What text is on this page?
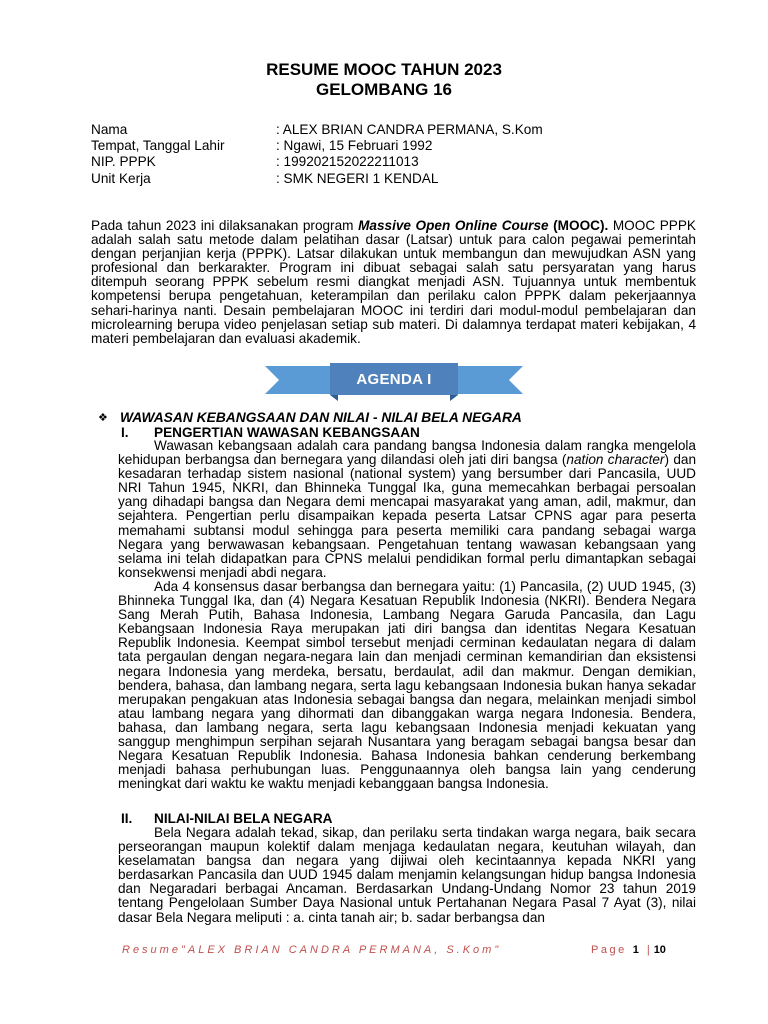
RESUME MOOC TAHUN 2023
GELOMBANG 16
Nama	: ALEX BRIAN CANDRA PERMANA, S.Kom
Tempat, Tanggal Lahir	: Ngawi, 15 Februari 1992
NIP. PPPK	: 199202152022211013
Unit Kerja	: SMK NEGERI 1 KENDAL

Pada tahun 2023 ini dilaksanakan program Massive Open Online Course (MOOC). MOOC PPPK adalah salah satu metode dalam pelatihan dasar (Latsar) untuk para calon pegawai pemerintah dengan perjanjian kerja (PPPK). Latsar dilakukan untuk membangun dan mewujudkan ASN yang profesional dan berkarakter. Program ini dibuat sebagai salah satu persyaratan yang harus ditempuh seorang PPPK sebelum resmi diangkat menjadi ASN. Tujuannya untuk membentuk kompetensi berupa pengetahuan, keterampilan dan perilaku calon PPPK dalam pekerjaannya sehari-harinya nanti. Desain pembelajaran MOOC ini terdiri dari modul-modul pembelajaran dan microlearning berupa video penjelasan setiap sub materi. Di dalamnya terdapat materi kebijakan, 4 materi pembelajaran dan evaluasi akademik.

AGENDA I
❖ WAWASAN KEBANGSAAN DAN NILAI - NILAI BELA NEGARA
I.	PENGERTIAN WAWASAN KEBANGSAAN

Wawasan kebangsaan adalah cara pandang bangsa Indonesia dalam rangka mengelola kehidupan berbangsa dan bernegara yang dilandasi oleh jati diri bangsa (nation character) dan kesadaran terhadap sistem nasional (national system) yang bersumber dari Pancasila, UUD NRI Tahun 1945, NKRI, dan Bhinneka Tunggal Ika, guna memecahkan berbagai persoalan yang dihadapi bangsa dan Negara demi mencapai masyarakat yang aman, adil, makmur, dan sejahtera. Pengertian perlu disampaikan kepada peserta Latsar CPNS agar para peserta memahami subtansi modul sehingga para peserta memiliki cara pandang sebagai warga Negara yang berwawasan kebangsaan. Pengetahuan tentang wawasan kebangsaan yang selama ini telah didapatkan para CPNS melalui pendidikan formal perlu dimantapkan sebagai konsekwensi menjadi abdi negara.

Ada 4 konsensus dasar berbangsa dan bernegara yaitu: (1) Pancasila, (2) UUD 1945, (3) Bhinneka Tunggal Ika, dan (4) Negara Kesatuan Republik Indonesia (NKRI). Bendera Negara Sang Merah Putih, Bahasa Indonesia, Lambang Negara Garuda Pancasila, dan Lagu Kebangsaan Indonesia Raya merupakan jati diri bangsa dan identitas Negara Kesatuan Republik Indonesia. Keempat simbol tersebut menjadi cerminan kedaulatan negara di dalam tata pergaulan dengan negara-negara lain dan menjadi cerminan kemandirian dan eksistensi negara Indonesia yang merdeka, bersatu, berdaulat, adil dan makmur. Dengan demikian, bendera, bahasa, dan lambang negara, serta lagu kebangsaan Indonesia bukan hanya sekadar merupakan pengakuan atas Indonesia sebagai bangsa dan negara, melainkan menjadi simbol atau lambang negara yang dihormati dan dibanggakan warga negara Indonesia. Bendera, bahasa, dan lambang negara, serta lagu kebangsaan Indonesia menjadi kekuatan yang sanggup menghimpun serpihan sejarah Nusantara yang beragam sebagai bangsa besar dan Negara Kesatuan Republik Indonesia. Bahasa Indonesia bahkan cenderung berkembang menjadi bahasa perhubungan luas. Penggunaannya oleh bangsa lain yang cenderung meningkat dari waktu ke waktu menjadi kebanggaan bangsa Indonesia.

II.	NILAI-NILAI BELA NEGARA

Bela Negara adalah tekad, sikap, dan perilaku serta tindakan warga negara, baik secara perseorangan maupun kolektif dalam menjaga kedaulatan negara, keutuhan wilayah, dan keselamatan bangsa dan negara yang dijiwai oleh kecintaannya kepada NKRI yang berdasarkan Pancasila dan UUD 1945 dalam menjamin kelangsungan hidup bangsa Indonesia dan Negaradari berbagai Ancaman. Berdasarkan Undang-Undang Nomor 23 tahun 2019 tentang Pengelolaan Sumber Daya Nasional untuk Pertahanan Negara Pasal 7 Ayat (3), nilai dasar Bela Negara meliputi : a. cinta tanah air; b. sadar berbangsa dan

Resume"ALEX BRIAN CANDRA PERMANA, S.Kom"	Page 1 | 10
